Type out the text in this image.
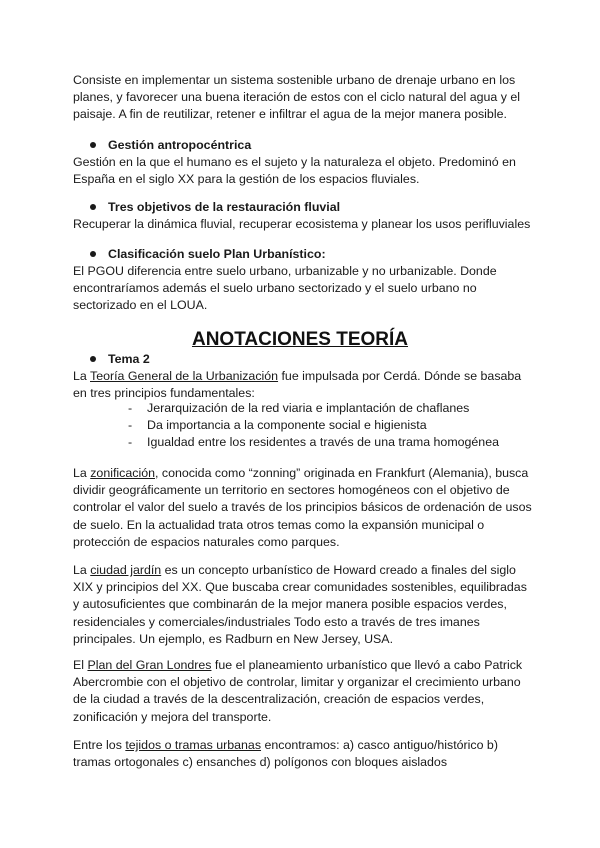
Consiste en implementar un sistema sostenible urbano de drenaje urbano en los planes, y favorecer una buena iteración de estos con el ciclo natural del agua y el paisaje. A fin de reutilizar, retener e infiltrar el agua de la mejor manera posible.

Gestión antropocéntrica

Gestión en la que el humano es el sujeto y la naturaleza el objeto. Predominó en España en el siglo XX para la gestión de los espacios fluviales.

Tres objetivos de la restauración fluvial

Recuperar la dinámica fluvial, recuperar ecosistema y planear los usos perifluviales

Clasificación suelo Plan Urbanístico:

El PGOU diferencia entre suelo urbano, urbanizable y no urbanizable. Donde encontraríamos además el suelo urbano sectorizado y el suelo urbano no sectorizado en el LOUA.

ANOTACIONES TEORÍA

Tema 2

La Teoría General de la Urbanización fue impulsada por Cerdá. Dónde se basaba en tres principios fundamentales:

- Jerarquización de la red viaria e implantación de chaflanes
- Da importancia a la componente social e higienista
- Igualdad entre los residentes a través de una trama homogénea

La zonificación, conocida como “zonning” originada en Frankfurt (Alemania), busca dividir geográficamente un territorio en sectores homogéneos con el objetivo de controlar el valor del suelo a través de los principios básicos de ordenación de usos de suelo. En la actualidad trata otros temas como la expansión municipal o protección de espacios naturales como parques.

La ciudad jardín es un concepto urbanístico de Howard creado a finales del siglo XIX y principios del XX. Que buscaba crear comunidades sostenibles, equilibradas y autosuficientes que combinarán de la mejor manera posible espacios verdes, residenciales y comerciales/industriales Todo esto a través de tres imanes principales. Un ejemplo, es Radburn en New Jersey, USA.

El Plan del Gran Londres fue el planeamiento urbanístico que llevó a cabo Patrick Abercrombie con el objetivo de controlar, limitar y organizar el crecimiento urbano de la ciudad a través de la descentralización, creación de espacios verdes, zonificación y mejora del transporte.

Entre los tejidos o tramas urbanas encontramos: a) casco antiguo/histórico b) tramas ortogonales c) ensanches d) polígonos con bloques aislados
